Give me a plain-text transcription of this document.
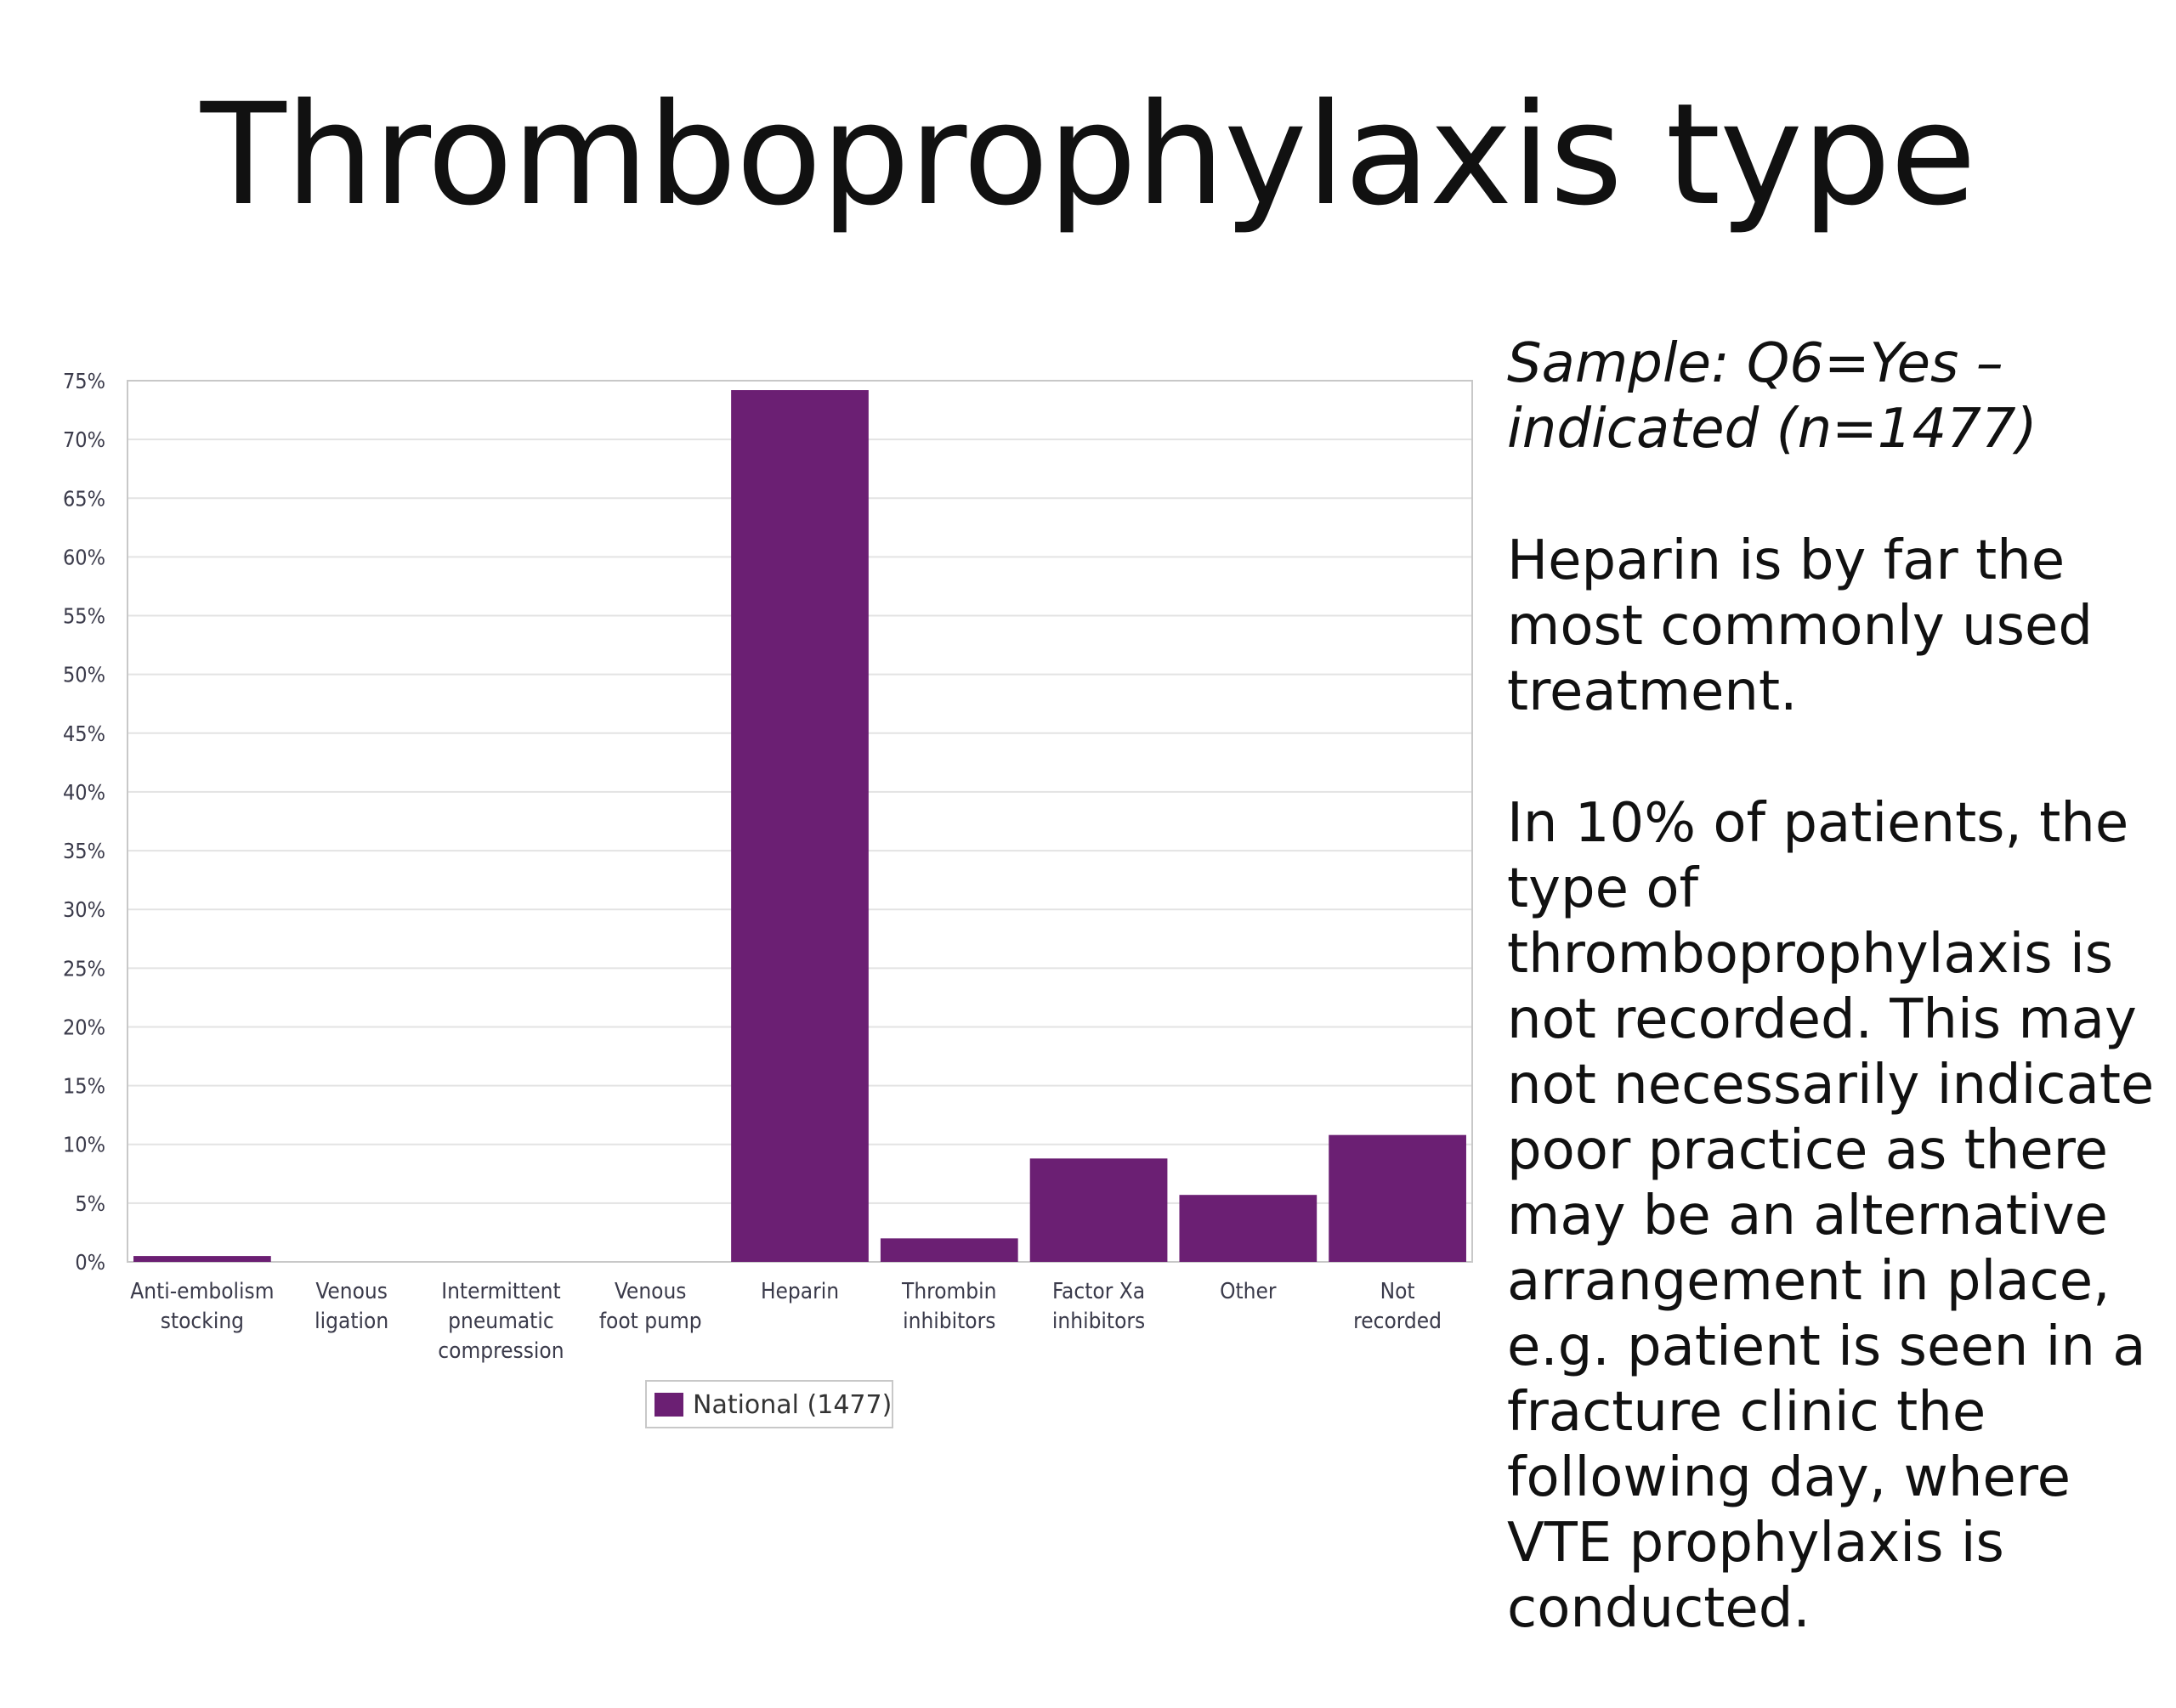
Thromboprophylaxis type
0%
5%
10%
15%
20%
25%
30%
35%
40%
45%
50%
55%
60%
65%
70%
75%
Anti-embolism stocking
Venous ligation
Intermittent pneumatic compression
Venous foot pump
Heparin	Thrombin inhibitors
Factor Xa inhibitors
Other	Not recorded
National (1477)

Sample: Q6=Yes – indicated (n=1477)

Heparin is by far the most commonly used treatment.

In 10% of patients, the type of thromboprophylaxis is not recorded. This may not necessarily indicate poor practice as there may be an alternative arrangement in place, e.g. patient is seen in a fracture clinic the following day, where VTE prophylaxis is conducted.
